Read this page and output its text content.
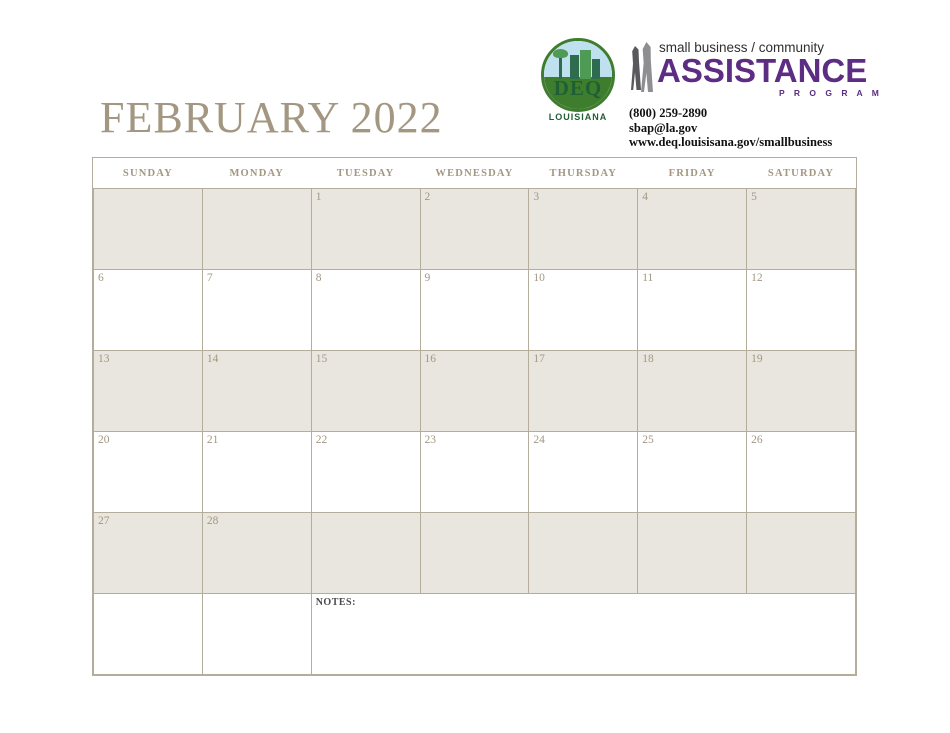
FEBRUARY 2022
DEQ
LOUISIANA
small business / community
ASSISTANCE
P R O G R A M
(800) 259-2890
sbap@la.gov
www.deq.louisisana.gov/smallbusiness
SUNDAY	MONDAY	TUESDAY	WEDNESDAY	THURSDAY	FRIDAY	SATURDAY

		1	2	3	4	5

6	7	8	9	10	11	12

13	14	15	16	17	18	19

20	21	22	23	24	25	26

27	28					

		NOTES:				
